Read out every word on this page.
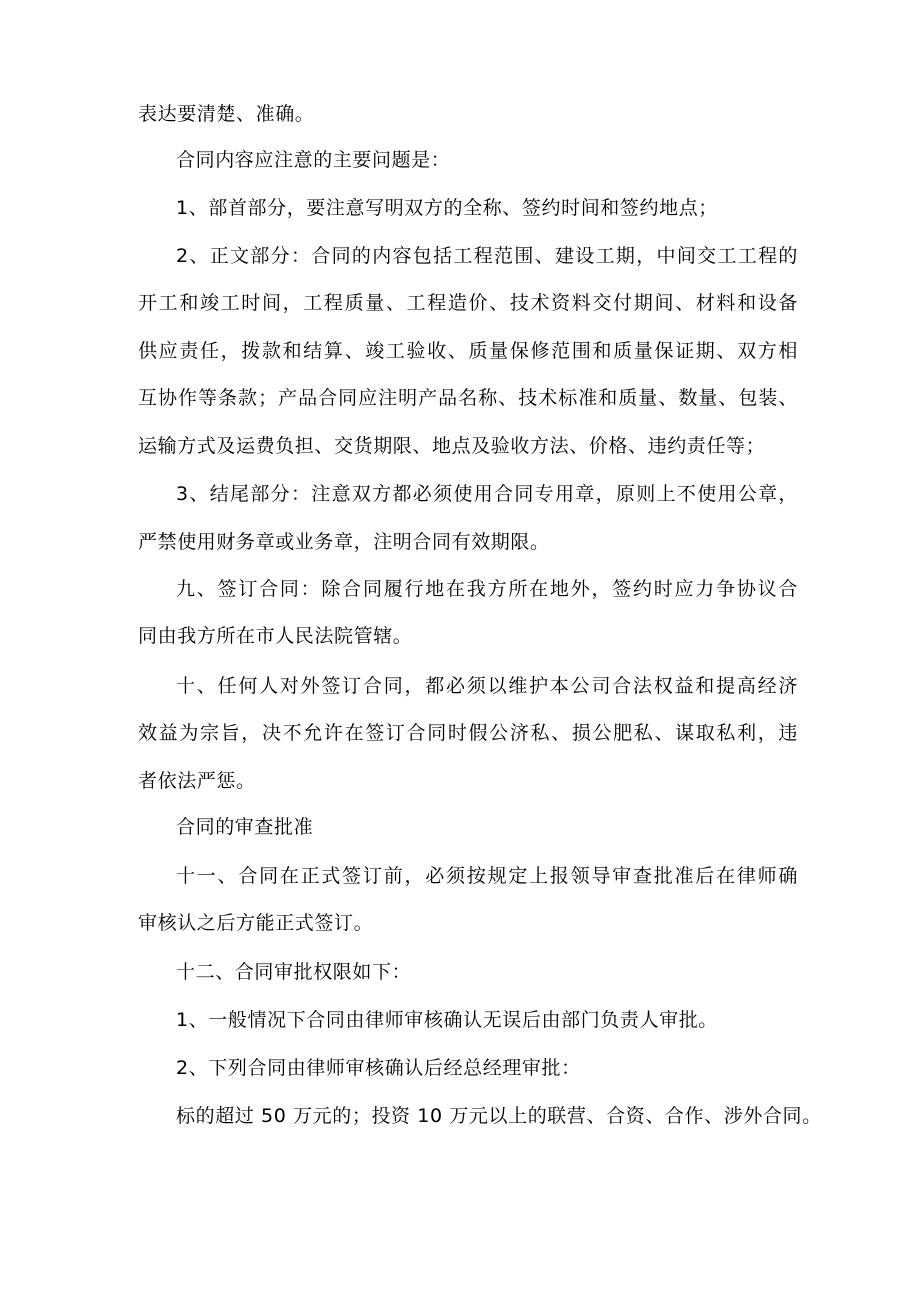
表达要清楚、准确。
合同内容应注意的主要问题是：
1、部首部分，要注意写明双方的全称、签约时间和签约地点；
2、正文部分：合同的内容包括工程范围、建设工期，中间交工工程的
开工和竣工时间，工程质量、工程造价、技术资料交付期间、材料和设备
供应责任，拨款和结算、竣工验收、质量保修范围和质量保证期、双方相
互协作等条款；产品合同应注明产品名称、技术标准和质量、数量、包装、
运输方式及运费负担、交货期限、地点及验收方法、价格、违约责任等；
3、结尾部分：注意双方都必须使用合同专用章，原则上不使用公章，
严禁使用财务章或业务章，注明合同有效期限。
九、签订合同：除合同履行地在我方所在地外，签约时应力争协议合
同由我方所在市人民法院管辖。
十、任何人对外签订合同，都必须以维护本公司合法权益和提高经济
效益为宗旨，决不允许在签订合同时假公济私、损公肥私、谋取私利，违
者依法严惩。
合同的审查批准
十一、合同在正式签订前，必须按规定上报领导审查批准后在律师确
审核认之后方能正式签订。
十二、合同审批权限如下：
1、一般情况下合同由律师审核确认无误后由部门负责人审批。
2、下列合同由律师审核确认后经总经理审批：
标的超过 50 万元的；投资 10 万元以上的联营、合资、合作、涉外合同。
